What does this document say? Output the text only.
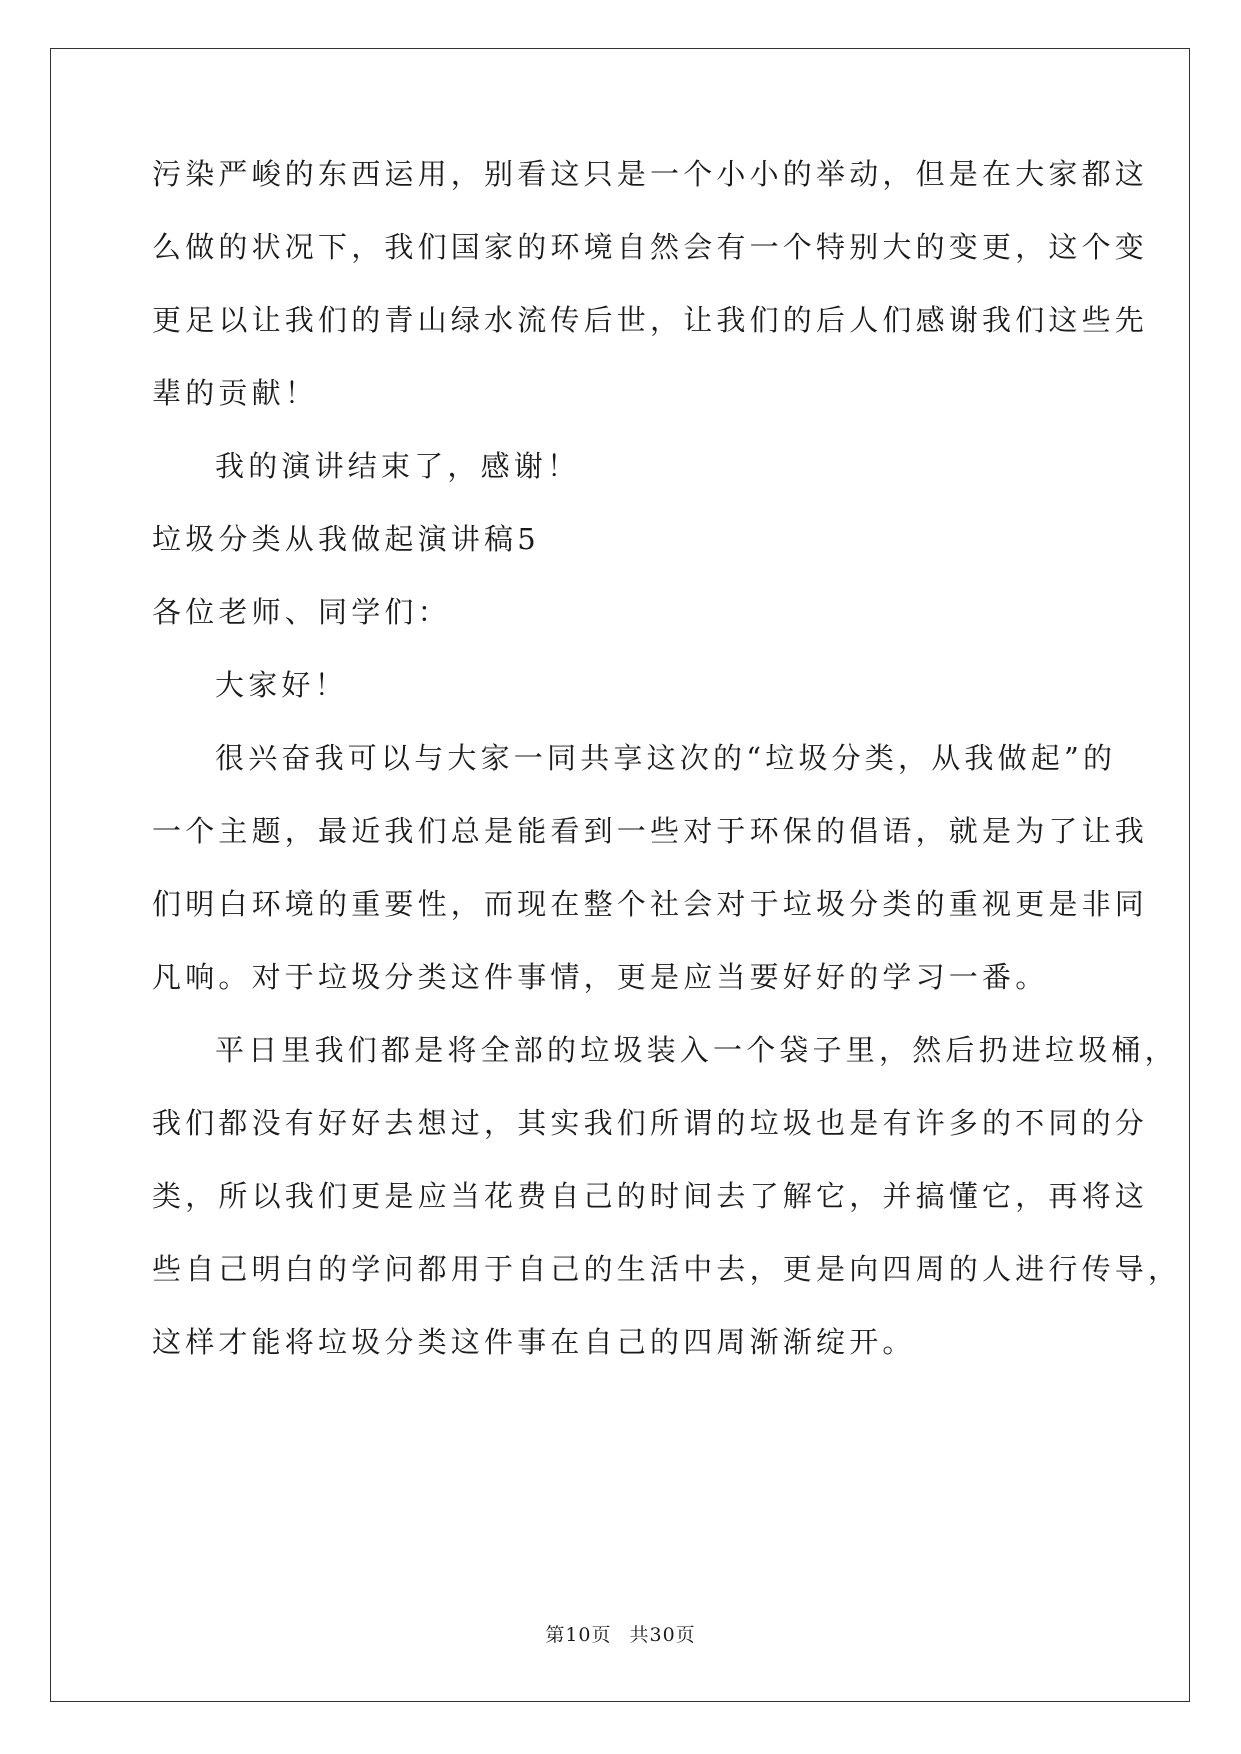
污染严峻的东西运用，别看这只是一个小小的举动，但是在大家都这
么做的状况下，我们国家的环境自然会有一个特别大的变更，这个变
更足以让我们的青山绿水流传后世，让我们的后人们感谢我们这些先
辈的贡献！
我的演讲结束了，感谢！
垃圾分类从我做起演讲稿5
各位老师、同学们：
大家好！
很兴奋我可以与大家一同共享这次的“垃圾分类，从我做起”的
一个主题，最近我们总是能看到一些对于环保的倡语，就是为了让我
们明白环境的重要性，而现在整个社会对于垃圾分类的重视更是非同
凡响。对于垃圾分类这件事情，更是应当要好好的学习一番。
平日里我们都是将全部的垃圾装入一个袋子里，然后扔进垃圾桶，
我们都没有好好去想过，其实我们所谓的垃圾也是有许多的不同的分
类，所以我们更是应当花费自己的时间去了解它，并搞懂它，再将这
些自己明白的学问都用于自己的生活中去，更是向四周的人进行传导，
这样才能将垃圾分类这件事在自己的四周渐渐绽开。
第10页 共30页
